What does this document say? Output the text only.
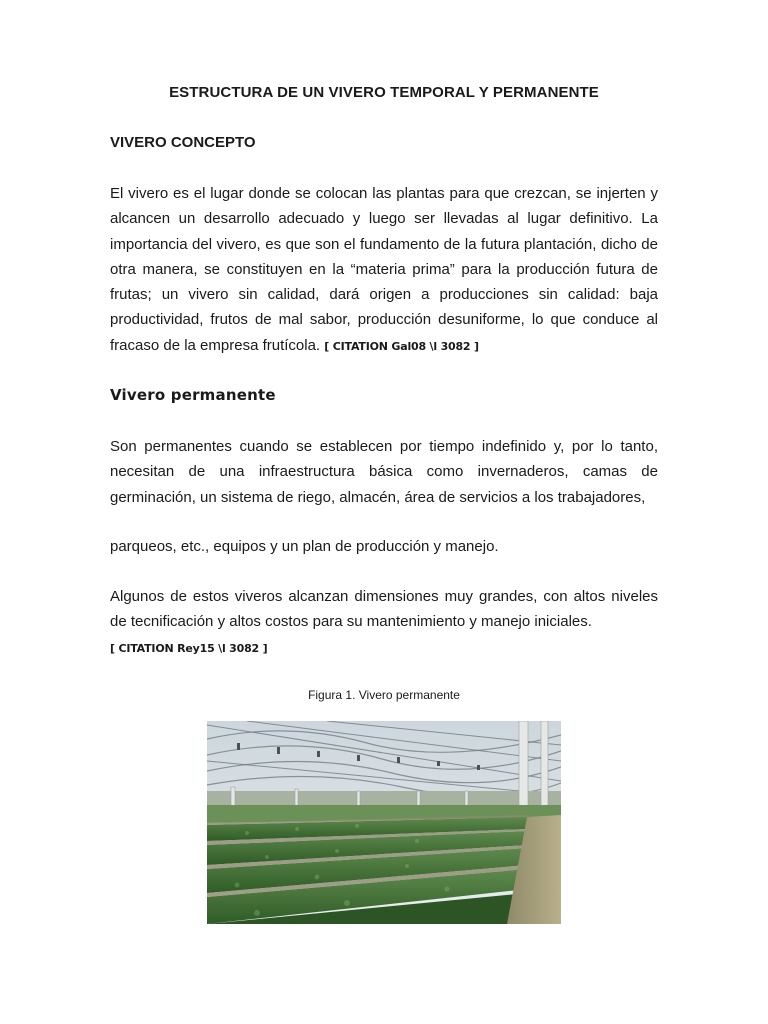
ESTRUCTURA DE UN VIVERO TEMPORAL Y PERMANENTE
VIVERO CONCEPTO

El vivero es el lugar donde se colocan las plantas para que crezcan, se injerten y alcancen un desarrollo adecuado y luego ser llevadas al lugar definitivo. La importancia del vivero, es que son el fundamento de la futura plantación, dicho de otra manera, se constituyen en la “materia prima” para la producción futura de frutas; un vivero sin calidad, dará origen a producciones sin calidad: baja productividad, frutos de mal sabor, producción desuniforme, lo que conduce al fracaso de la empresa frutícola. [ CITATION Gal08 \l 3082 ]

Vivero permanente

Son permanentes cuando se establecen por tiempo indefinido y, por lo tanto, necesitan de una infraestructura básica como invernaderos, camas de germinación, un sistema de riego, almacén, área de servicios a los trabajadores,

parqueos, etc., equipos y un plan de producción y manejo.

Algunos de estos viveros alcanzan dimensiones muy grandes, con altos niveles de tecnificación y altos costos para su mantenimiento y manejo iniciales.
[ CITATION Rey15 \l 3082 ]

Figura 1. Vivero permanente
